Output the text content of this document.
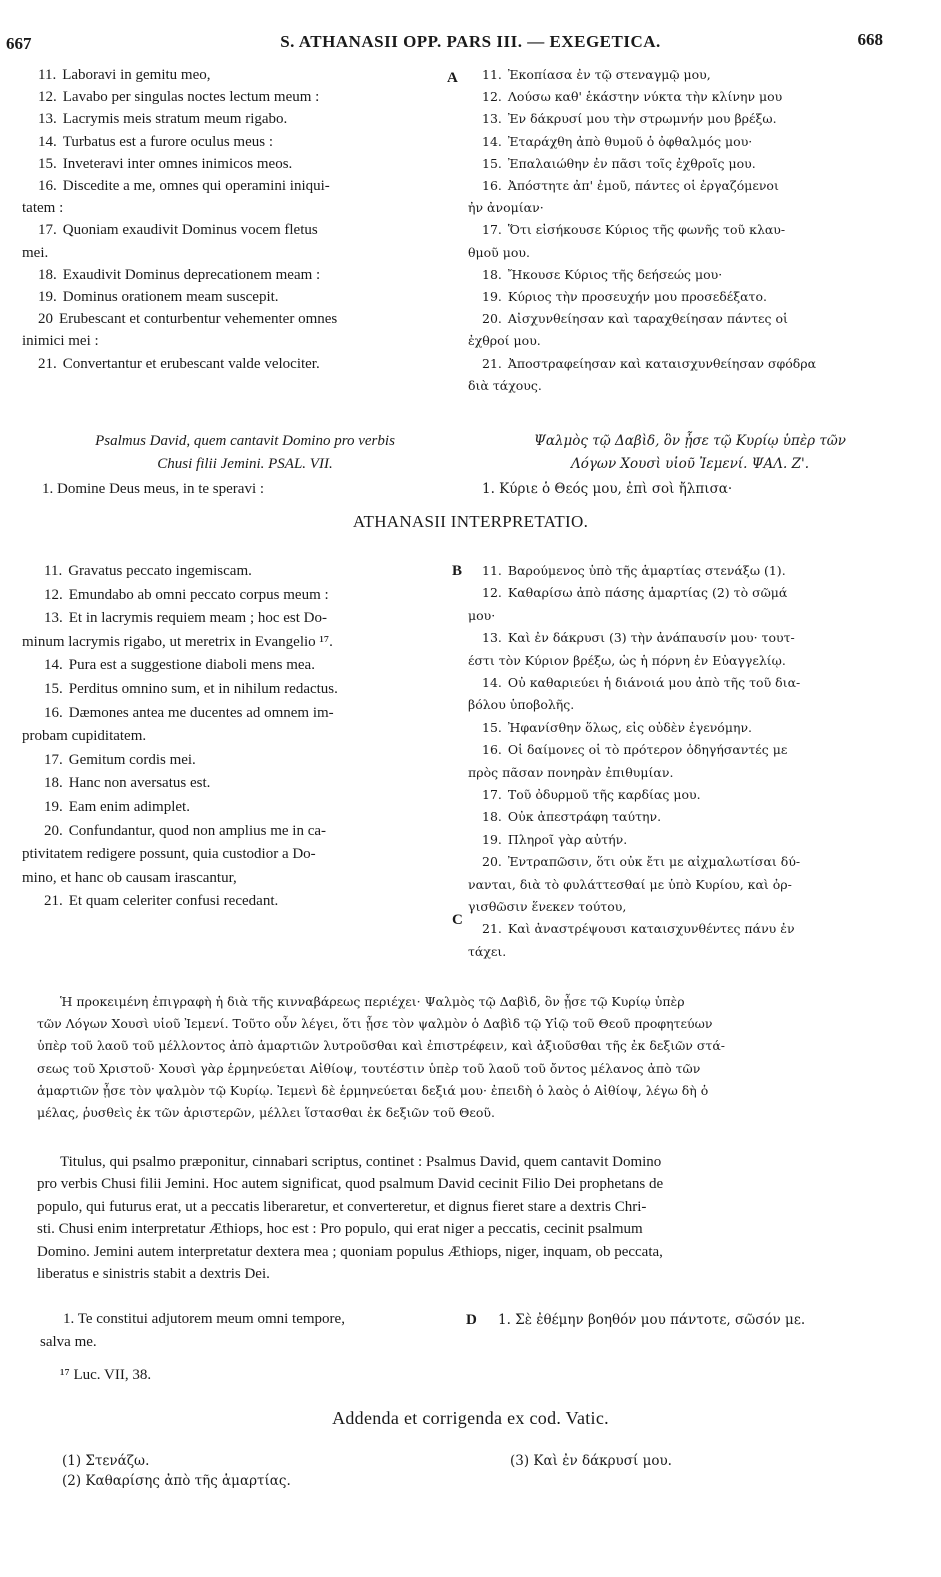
667	S. ATHANASII OPP. PARS III. — EXEGETICA.	668
11. Laboravi in gemitu meo,
12. Lavabo per singulas noctes lectum meum :
13. Lacrymis meis stratum meum rigabo.
14. Turbatus est a furore oculus meus :
15. Inveteravi inter omnes inimicos meos.
16. Discedite a me, omnes qui operamini iniqui-
tatem :
17. Quoniam exaudivit Dominus vocem fletus
mei.
18. Exaudivit Dominus deprecationem meam :
19. Dominus orationem meam suscepit.
20 Erubescant et conturbentur vehementer omnes
inimici mei :
21. Convertantur et erubescant valde velociter.
11. Ἐκοπίασα ἐν τῷ στεναγμῷ μου,
12. Λούσω καθ' ἑκάστην νύκτα τὴν κλίνην μου
13. Ἐν δάκρυσί μου τὴν στρωμνήν μου βρέξω.
14. Ἐταράχθη ἀπὸ θυμοῦ ὁ ὀφθαλμός μου·
15. Ἐπαλαιώθην ἐν πᾶσι τοῖς ἐχθροῖς μου.
16. Ἀπόστητε ἀπ' ἐμοῦ, πάντες οἱ ἐργαζόμενοι
ἠν ἀνομίαν·
17. Ὅτι εἰσήκουσε Κύριος τῆς φωνῆς τοῦ κλαυ-
θμοῦ μου.
18. Ἤκουσε Κύριος τῆς δεήσεώς μου·
19. Κύριος τὴν προσευχήν μου προσεδέξατο.
20. Αἰσχυνθείησαν καὶ ταραχθείησαν πάντες οἱ
ἐχθροί μου.
21. Ἀποστραφείησαν καὶ καταισχυνθείησαν σφόδρα
διὰ τάχους.
A
Psalmus David, quem cantavit Domino pro verbis
Chusi filii Jemini. PSAL. VII.
1. Domine Deus meus, in te speravi :
Ψαλμὸς τῷ Δαβὶδ, ὃν ᾖσε τῷ Κυρίῳ ὑπὲρ τῶν
Λόγων Χουσὶ υἱοῦ Ἰεμενί. ΨΑΛ. Ζ'.
1. Κύριε ὁ Θεός μου, ἐπὶ σοὶ ἤλπισα·
ATHANASII INTERPRETATIO.
11. Gravatus peccato ingemiscam.
12. Emundabo ab omni peccato corpus meum :
13. Et in lacrymis requiem meam ; hoc est Do-
minum lacrymis rigabo, ut meretrix in Evangelio ¹⁷.
14. Pura est a suggestione diaboli mens mea.
15. Perditus omnino sum, et in nihilum redactus.
16. Dæmones antea me ducentes ad omnem im-
probam cupiditatem.
17. Gemitum cordis mei.
18. Hanc non aversatus est.
19. Eam enim adimplet.
20. Confundantur, quod non amplius me in ca-
ptivitatem redigere possunt, quia custodior a Do-
mino, et hanc ob causam irascantur,
21. Et quam celeriter confusi recedant.
11. Βαρούμενος ὑπὸ τῆς ἁμαρτίας στενάξω (1).
12. Καθαρίσω ἀπὸ πάσης ἁμαρτίας (2) τὸ σῶμά
μου·
13. Καὶ ἐν δάκρυσι (3) τὴν ἀνάπαυσίν μου· τουτ-
έστι τὸν Κύριον βρέξω, ὡς ἡ πόρνη ἐν Εὐαγγελίῳ.
14. Οὐ καθαριεύει ἡ διάνοιά μου ἀπὸ τῆς τοῦ δια-
βόλου ὑποβολῆς.
15. Ἠφανίσθην ὅλως, εἰς οὐδὲν ἐγενόμην.
16. Οἱ δαίμονες οἱ τὸ πρότερον ὁδηγήσαντές με
πρὸς πᾶσαν πονηρὰν ἐπιθυμίαν.
17. Τοῦ ὀδυρμοῦ τῆς καρδίας μου.
18. Οὐκ ἀπεστράφη ταύτην.
19. Πληροῖ γὰρ αὐτήν.
20. Ἐντραπῶσιν, ὅτι οὐκ ἔτι με αἰχμαλωτίσαι δύ-
νανται, διὰ τὸ φυλάττεσθαί με ὑπὸ Κυρίου, καὶ ὀρ-
γισθῶσιν ἕνεκεν τούτου,
21. Καὶ ἀναστρέψουσι καταισχυνθέντες πάνυ ἐν
τάχει.
B
C
Ἡ προκειμένη ἐπιγραφὴ ἡ διὰ τῆς κινναβάρεως περιέχει· Ψαλμὸς τῷ Δαβὶδ, ὃν ᾖσε τῷ Κυρίῳ ὑπὲρ
τῶν Λόγων Χουσὶ υἱοῦ Ἰεμενί. Τοῦτο οὖν λέγει, ὅτι ᾖσε τὸν ψαλμὸν ὁ Δαβὶδ τῷ Υἱῷ τοῦ Θεοῦ προφητεύων
ὑπὲρ τοῦ λαοῦ τοῦ μέλλοντος ἀπὸ ἁμαρτιῶν λυτροῦσθαι καὶ ἐπιστρέφειν, καὶ ἀξιοῦσθαι τῆς ἐκ δεξιῶν στά-
σεως τοῦ Χριστοῦ· Χουσὶ γὰρ ἑρμηνεύεται Αἰθίοψ, τουτέστιν ὑπὲρ τοῦ λαοῦ τοῦ ὄντος μέλανος ἀπὸ τῶν
ἁμαρτιῶν ᾖσε τὸν ψαλμὸν τῷ Κυρίῳ. Ἰεμενὶ δὲ ἑρμηνεύεται δεξιά μου· ἐπειδὴ ὁ λαὸς ὁ Αἰθίοψ, λέγω δὴ ὁ
μέλας, ῥυσθεὶς ἐκ τῶν ἀριστερῶν, μέλλει ἵστασθαι ἐκ δεξιῶν τοῦ Θεοῦ.
Titulus, qui psalmo præponitur, cinnabari scriptus, continet : Psalmus David, quem cantavit Domino
pro verbis Chusi filii Jemini. Hoc autem significat, quod psalmum David cecinit Filio Dei prophetans de
populo, qui futurus erat, ut a peccatis liberaretur, et converteretur, et dignus fieret stare a dextris Chri-
sti. Chusi enim interpretatur Æthiops, hoc est : Pro populo, qui erat niger a peccatis, cecinit psalmum
Domino. Jemini autem interpretatur dextera mea ; quoniam populus Æthiops, niger, inquam, ob peccata,
liberatus e sinistris stabit a dextris Dei.
1. Te constitui adjutorem meum omni tempore,
salva me.
D 1. Σὲ ἐθέμην βοηθόν μου πάντοτε, σῶσόν με.
¹⁷ Luc. VII, 38.
Addenda et corrigenda ex cod. Vatic.
(1) Στενάζω.
(2) Καθαρίσης ἀπὸ τῆς ἁμαρτίας.
(3) Καὶ ἐν δάκρυσί μου.
